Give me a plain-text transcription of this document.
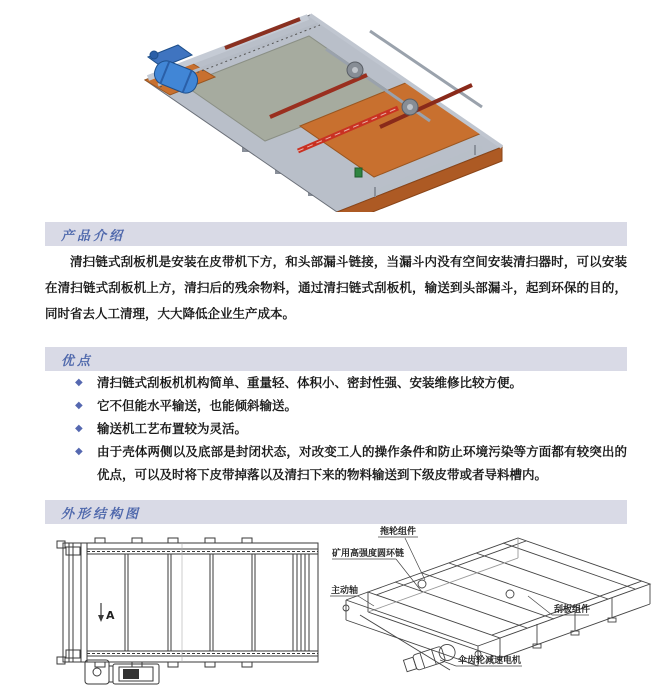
产品介绍

清扫链式刮板机是安装在皮带机下方，和头部漏斗链接，当漏斗内没有空间安装清扫器时，可以安装在清扫链式刮板机上方，清扫后的残余物料，通过清扫链式刮板机，输送到头部漏斗，起到环保的目的，同时省去人工清理，大大降低企业生产成本。

优点
◆	清扫链式刮板机机构简单、重量轻、体积小、密封性强、安装维修比较方便。
◆	它不但能水平输送，也能倾斜输送。
◆	输送机工艺布置较为灵活。
◆	由于壳体两侧以及底部是封闭状态，对改变工人的操作条件和防止环境污染等方面都有较突出的优点，可以及时将下皮带掉落以及清扫下来的物料输送到下级皮带或者导料槽内。
外形结构图
A
拖轮组件
矿用高强度圆环链
主动轴
刮板组件
伞齿轮减速电机
